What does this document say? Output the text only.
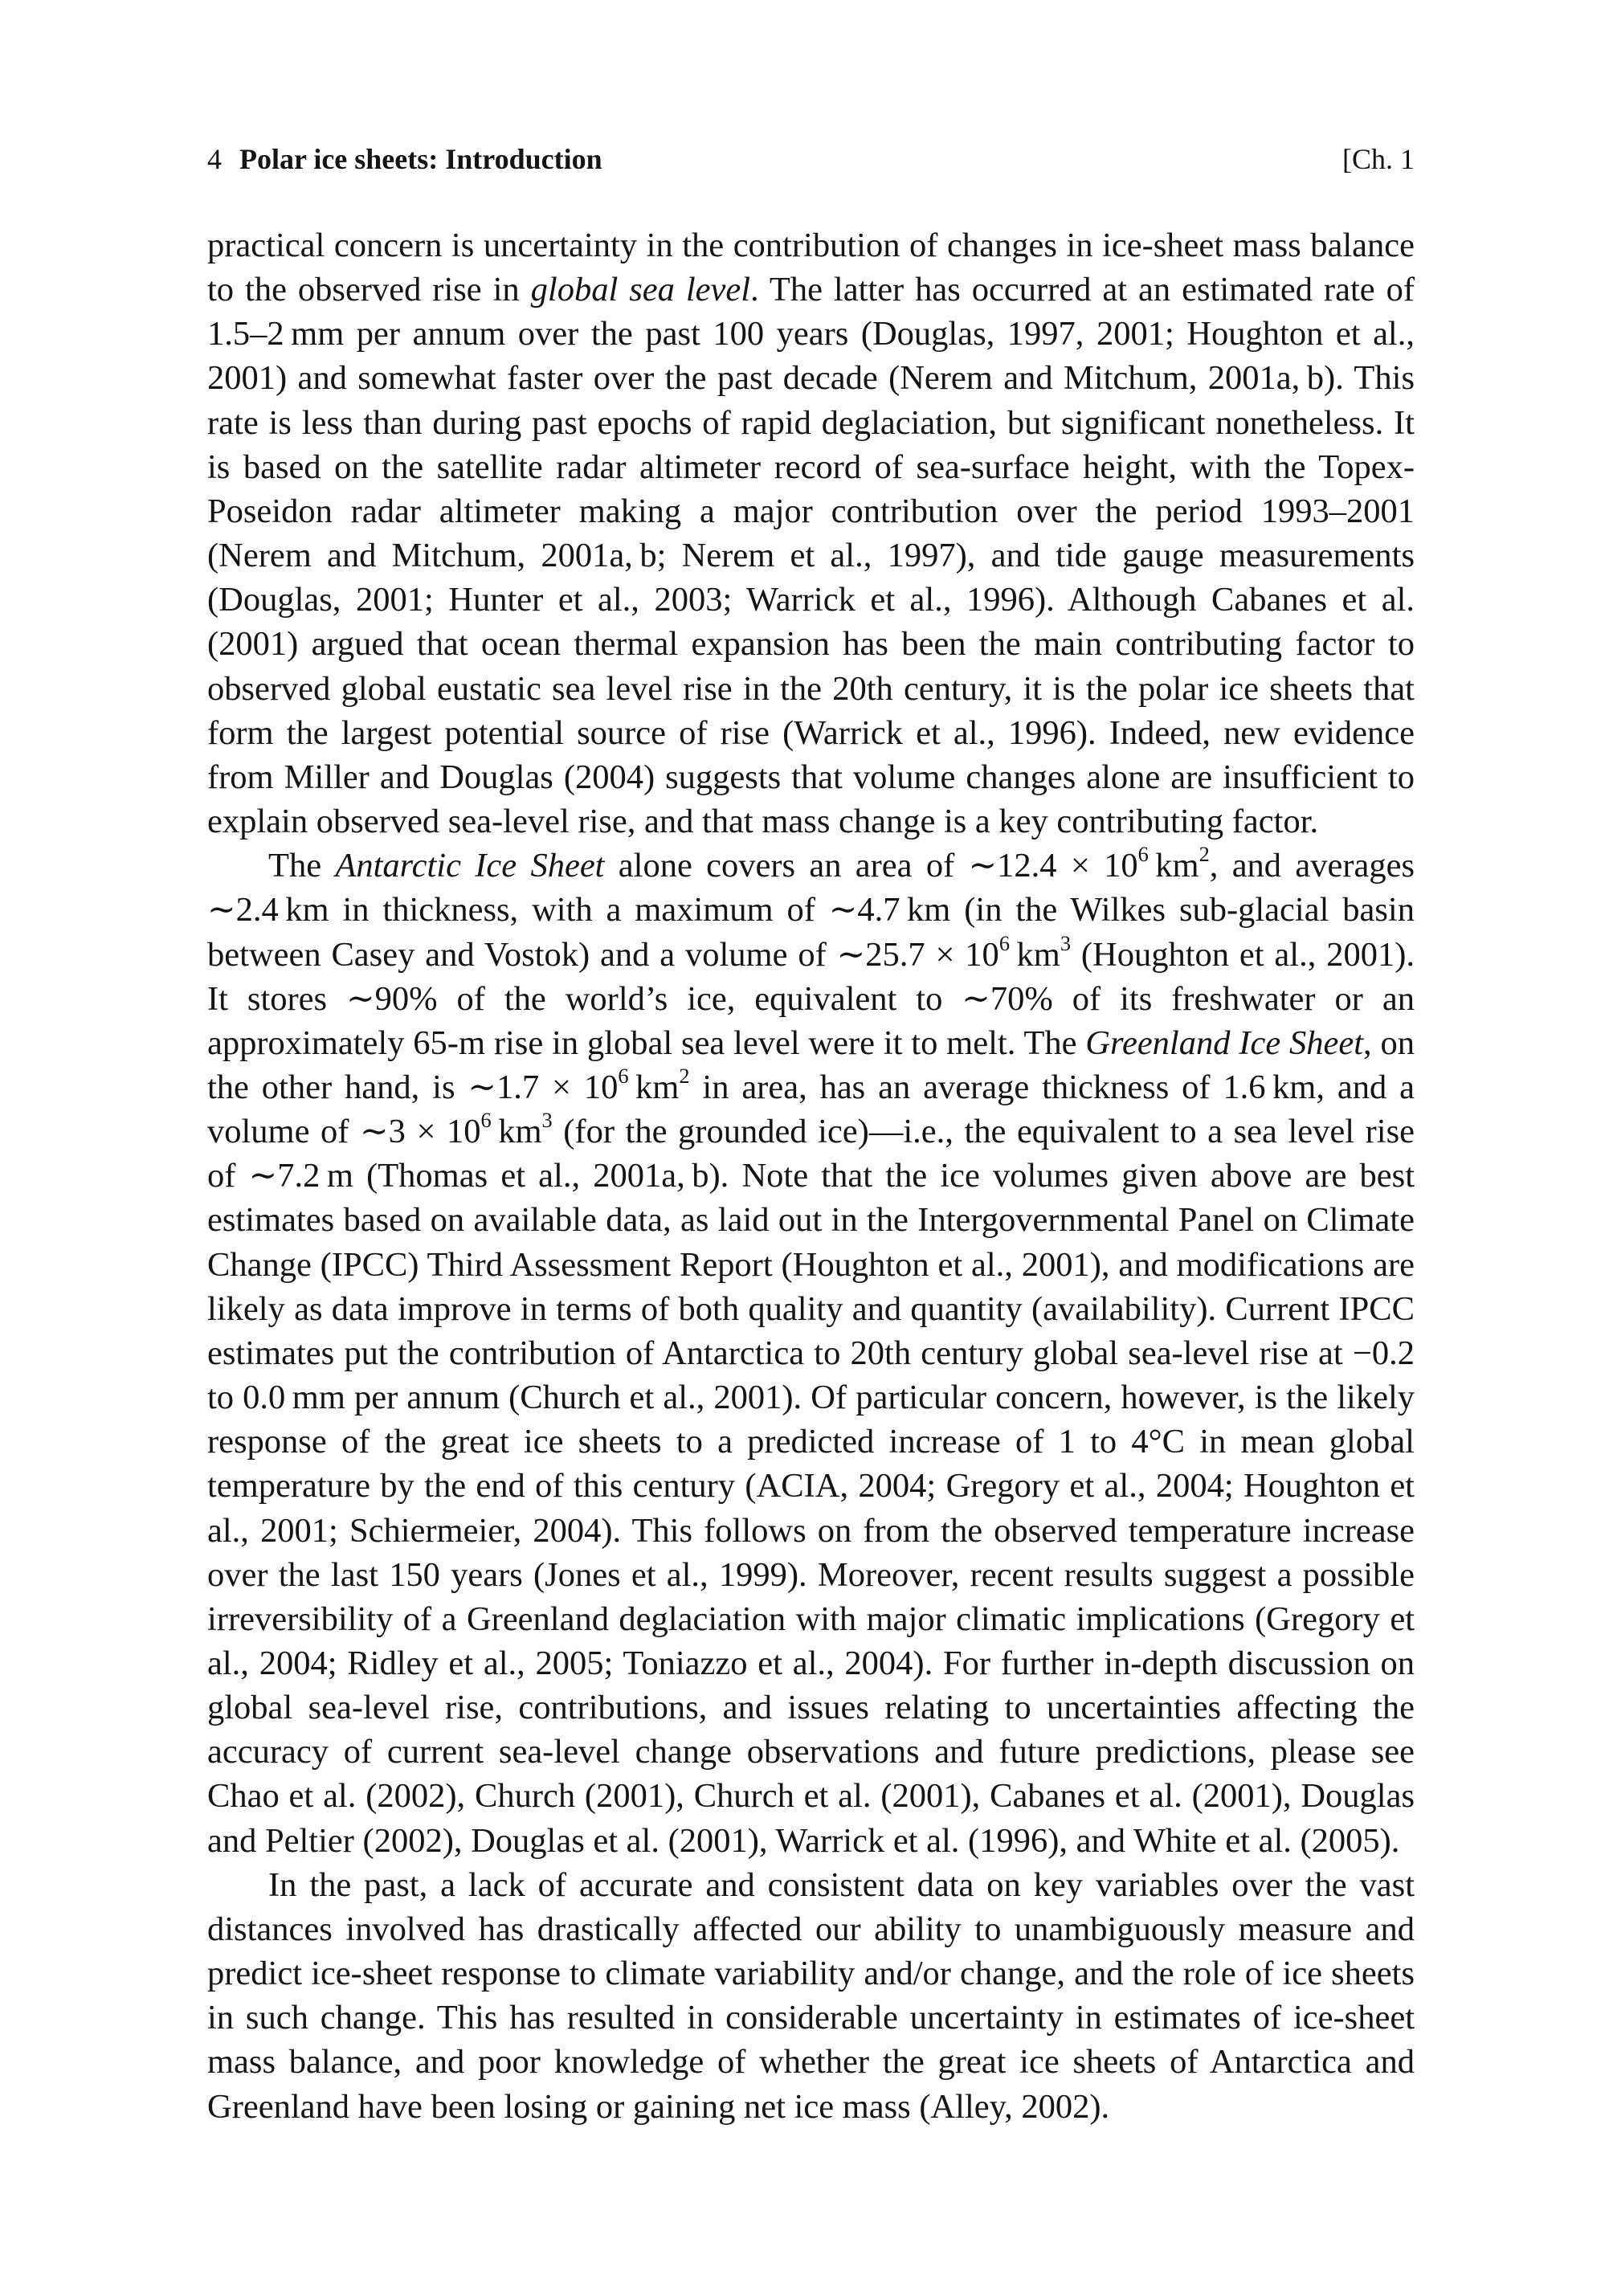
4 Polar ice sheets: Introduction	[Ch. 1

practical concern is uncertainty in the contribution of changes in ice-sheet mass balance to the observed rise in global sea level. The latter has occurred at an estimated rate of 1.5–2 mm per annum over the past 100 years (Douglas, 1997, 2001; Houghton et al., 2001) and somewhat faster over the past decade (Nerem and Mitchum, 2001a, b). This rate is less than during past epochs of rapid deglaciation, but significant nonetheless. It is based on the satellite radar altimeter record of sea-surface height, with the Topex-Poseidon radar altimeter making a major contribution over the period 1993–2001 (Nerem and Mitchum, 2001a, b; Nerem et al., 1997), and tide gauge measurements (Douglas, 2001; Hunter et al., 2003; Warrick et al., 1996). Although Cabanes et al. (2001) argued that ocean thermal expansion has been the main contributing factor to observed global eustatic sea level rise in the 20th century, it is the polar ice sheets that form the largest potential source of rise (Warrick et al., 1996). Indeed, new evidence from Miller and Douglas (2004) suggests that volume changes alone are insufficient to explain observed sea-level rise, and that mass change is a key contributing factor.

The Antarctic Ice Sheet alone covers an area of ∼12.4 × $10^6$ $km^2$, and averages ∼2.4 km in thickness, with a maximum of ∼4.7 km (in the Wilkes sub-glacial basin between Casey and Vostok) and a volume of ∼25.7 × $10^6$ $km^3$ (Houghton et al., 2001). It stores ∼90% of the world’s ice, equivalent to ∼70% of its freshwater or an approximately 65-m rise in global sea level were it to melt. The Greenland Ice Sheet, on the other hand, is ∼1.7 × $10^6$ $km^2$ in area, has an average thickness of 1.6 km, and a volume of ∼3 × $10^6$ $km^3$ (for the grounded ice)—i.e., the equivalent to a sea level rise of ∼7.2 m (Thomas et al., 2001a, b). Note that the ice volumes given above are best estimates based on available data, as laid out in the Intergovernmental Panel on Climate Change (IPCC) Third Assessment Report (Houghton et al., 2001), and modifications are likely as data improve in terms of both quality and quantity (availability). Current IPCC estimates put the contribution of Antarctica to 20th century global sea-level rise at −0.2 to 0.0 mm per annum (Church et al., 2001). Of particular concern, however, is the likely response of the great ice sheets to a predicted increase of 1 to 4°C in mean global temperature by the end of this century (ACIA, 2004; Gregory et al., 2004; Houghton et al., 2001; Schiermeier, 2004). This follows on from the observed temperature increase over the last 150 years (Jones et al., 1999). Moreover, recent results suggest a possible irreversibility of a Greenland deglaciation with major climatic implications (Gregory et al., 2004; Ridley et al., 2005; Toniazzo et al., 2004). For further in-depth discussion on global sea-level rise, contributions, and issues relating to uncertainties affecting the accuracy of current sea-level change observations and future predictions, please see Chao et al. (2002), Church (2001), Church et al. (2001), Cabanes et al. (2001), Douglas and Peltier (2002), Douglas et al. (2001), Warrick et al. (1996), and White et al. (2005).

In the past, a lack of accurate and consistent data on key variables over the vast distances involved has drastically affected our ability to unambiguously measure and predict ice-sheet response to climate variability and/or change, and the role of ice sheets in such change. This has resulted in considerable uncertainty in estimates of ice-sheet mass balance, and poor knowledge of whether the great ice sheets of Antarctica and Greenland have been losing or gaining net ice mass (Alley, 2002).
